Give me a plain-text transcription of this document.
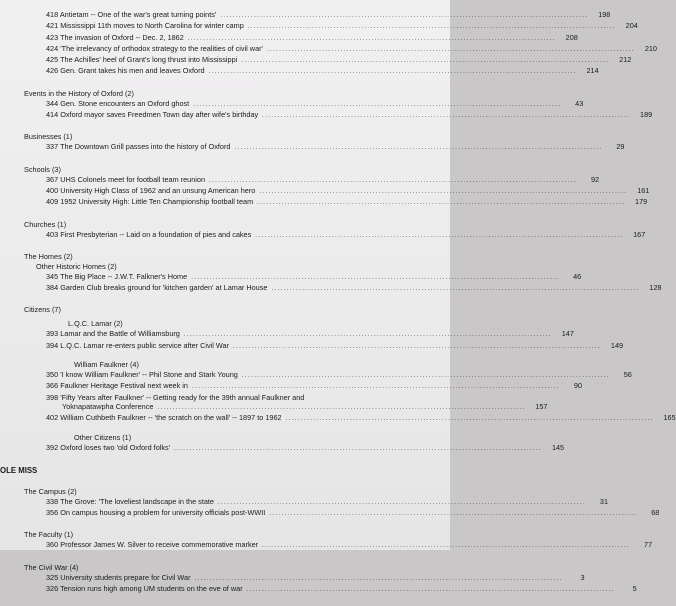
418 Antietam -- One of the war's great turning points' ........................................................................................................................	198
421 Mississippi 11th moves to North Carolina for winter camp ........................................................................................................................	204
423 The invasion of Oxford -- Dec. 2, 1862 ........................................................................................................................	208
424 'The irrelevancy of orthodox strategy to the realities of civil war' ........................................................................................................................	210
425 The Achilles' heel of Grant's long thrust into Mississippi ........................................................................................................................	212
426 Gen. Grant takes his men and leaves Oxford ........................................................................................................................	214
Events in the History of Oxford (2)
344 Gen. Stone encounters an Oxford ghost ........................................................................................................................	43
414 Oxford mayor saves Freedmen Town day after wife's birthday ........................................................................................................................	189
Businesses (1)
337 The Downtown Grill passes into the history of Oxford ........................................................................................................................	29
Schools (3)
367 UHS Colonels meet for football team reunion ........................................................................................................................	92
400 University High Class of 1962 and an unsung American hero ........................................................................................................................	161
409 1952 University High: Little Ten Championship football team ........................................................................................................................	179
Churches (1)
403 First Presbyterian -- Laid on a foundation of pies and cakes ........................................................................................................................	167
The Homes (2)
Other Historic Homes (2)
345 The Big Place -- J.W.T. Falkner's Home ........................................................................................................................	46
384 Garden Club breaks ground for 'kitchen garden' at Lamar House ........................................................................................................................	128
Citizens (7)
L.Q.C. Lamar (2)
393 Lamar and the Battle of Williamsburg ........................................................................................................................	147
394 L.Q.C. Lamar re-enters public service after Civil War ........................................................................................................................	149
William Faulkner (4)
350 'I know William Faulkner' -- Phil Stone and Stark Young ........................................................................................................................	56
366 Faulkner Heritage Festival next week in ........................................................................................................................	90
398 'Fifty Years after Faulkner' -- Getting ready for the 39th annual Faulkner and
Yoknapatawpha Conference ........................................................................................................................	157
402 William Cuthbeth Faulkner -- 'the scratch on the wall' -- 1897 to 1962 ........................................................................................................................	165
Other Citizens (1)
392 Oxford loses two 'old Oxford folks' ........................................................................................................................	145
OLE MISS
The Campus (2)
338 The Grove: 'The loveliest landscape in the state ........................................................................................................................	31
356 On campus housing a problem for university officials post-WWII ........................................................................................................................	68
The Faculty (1)
360 Professor James W. Silver to receive commemorative marker ........................................................................................................................	77
The Civil War (4)
325 University students prepare for Civil War ........................................................................................................................	3
326 Tension runs high among UM students on the eve of war ........................................................................................................................	5
